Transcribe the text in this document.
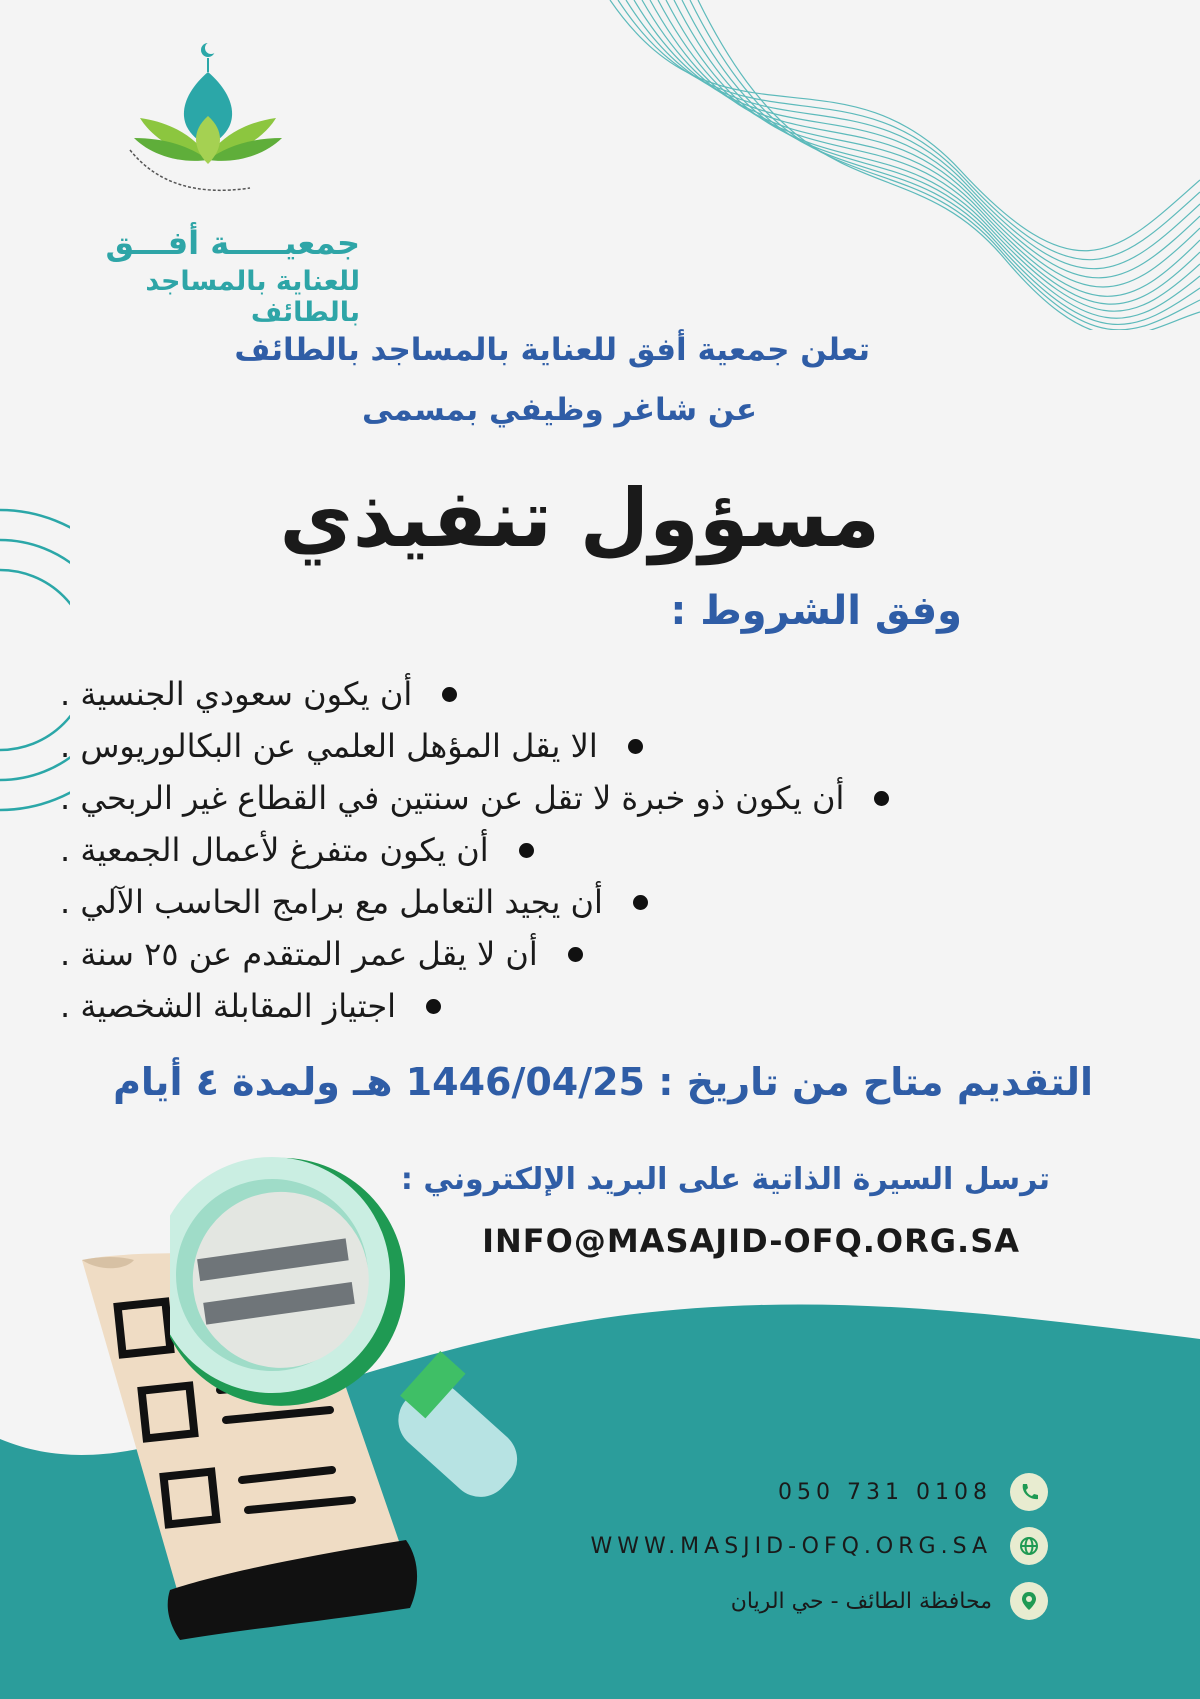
جمعيـــــة أفـــق
للعناية بالمساجد بالطائف
تعلن جمعية أفق للعناية بالمساجد بالطائف
عن شاغر وظيفي بمسمى
مسؤول تنفيذي
وفق الشروط :
أن يكون سعودي الجنسية .
الا يقل المؤهل العلمي عن البكالوريوس .
أن يكون ذو خبرة لا تقل عن سنتين في القطاع غير الربحي .
أن يكون متفرغ لأعمال الجمعية .
أن يجيد التعامل مع برامج الحاسب الآلي .
أن لا يقل عمر المتقدم عن ٢٥ سنة .
اجتياز المقابلة الشخصية .
التقديم متاح من تاريخ : 1446/04/25 هـ ولمدة ٤ أيام
ترسل السيرة الذاتية على البريد الإلكتروني :
INFO@MASAJID-OFQ.ORG.SA
050 731 0108
WWW.MASJID-OFQ.ORG.SA
محافظة الطائف - حي الريان
